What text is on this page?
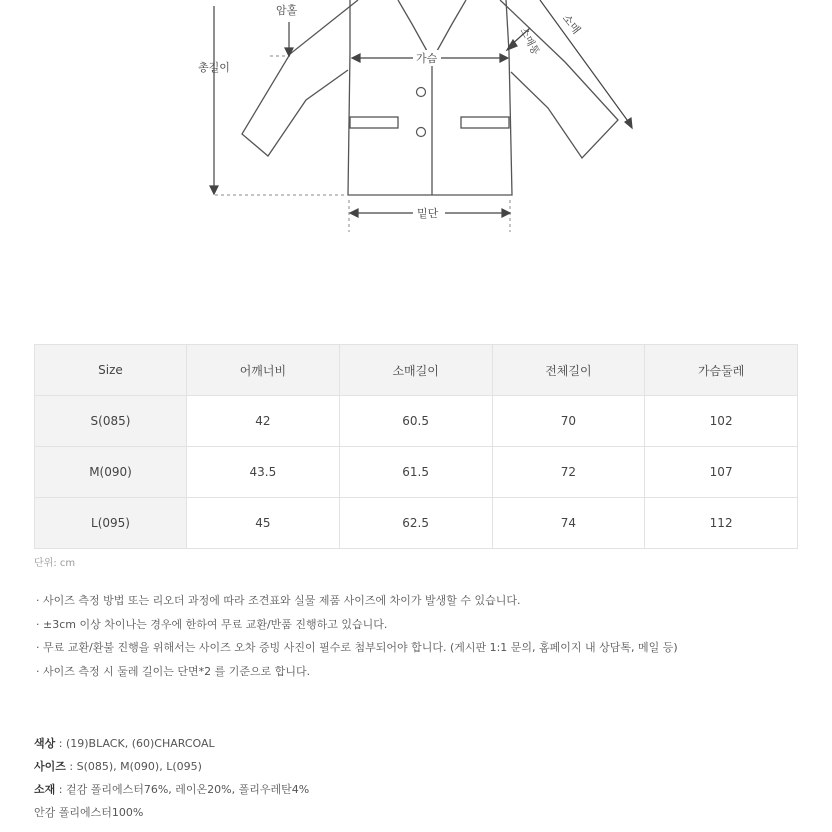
암홀
총길이
가슴
밑단
소매
소매통
Size	어깨너비	소매길이	전체길이	가슴둘레
S(085)	42	60.5	70	102
M(090)	43.5	61.5	72	107
L(095)	45	62.5	74	112
단위: cm
· 사이즈 측정 방법 또는 리오더 과정에 따라 조견표와 실물 제품 사이즈에 차이가 발생할 수 있습니다.
· ±3cm 이상 차이나는 경우에 한하여 무료 교환/반품 진행하고 있습니다.
· 무료 교환/환불 진행을 위해서는 사이즈 오차 증빙 사진이 필수로 첨부되어야 합니다. (게시판 1:1 문의, 홈페이지 내 상담톡, 메일 등)
· 사이즈 측정 시 둘레 길이는 단면*2 를 기준으로 합니다.
색상 : (19)BLACK, (60)CHARCOAL
사이즈 : S(085), M(090), L(095)
소재 : 겉감 폴리에스터76%, 레이온20%, 폴리우레탄4%
안감 폴리에스터100%
